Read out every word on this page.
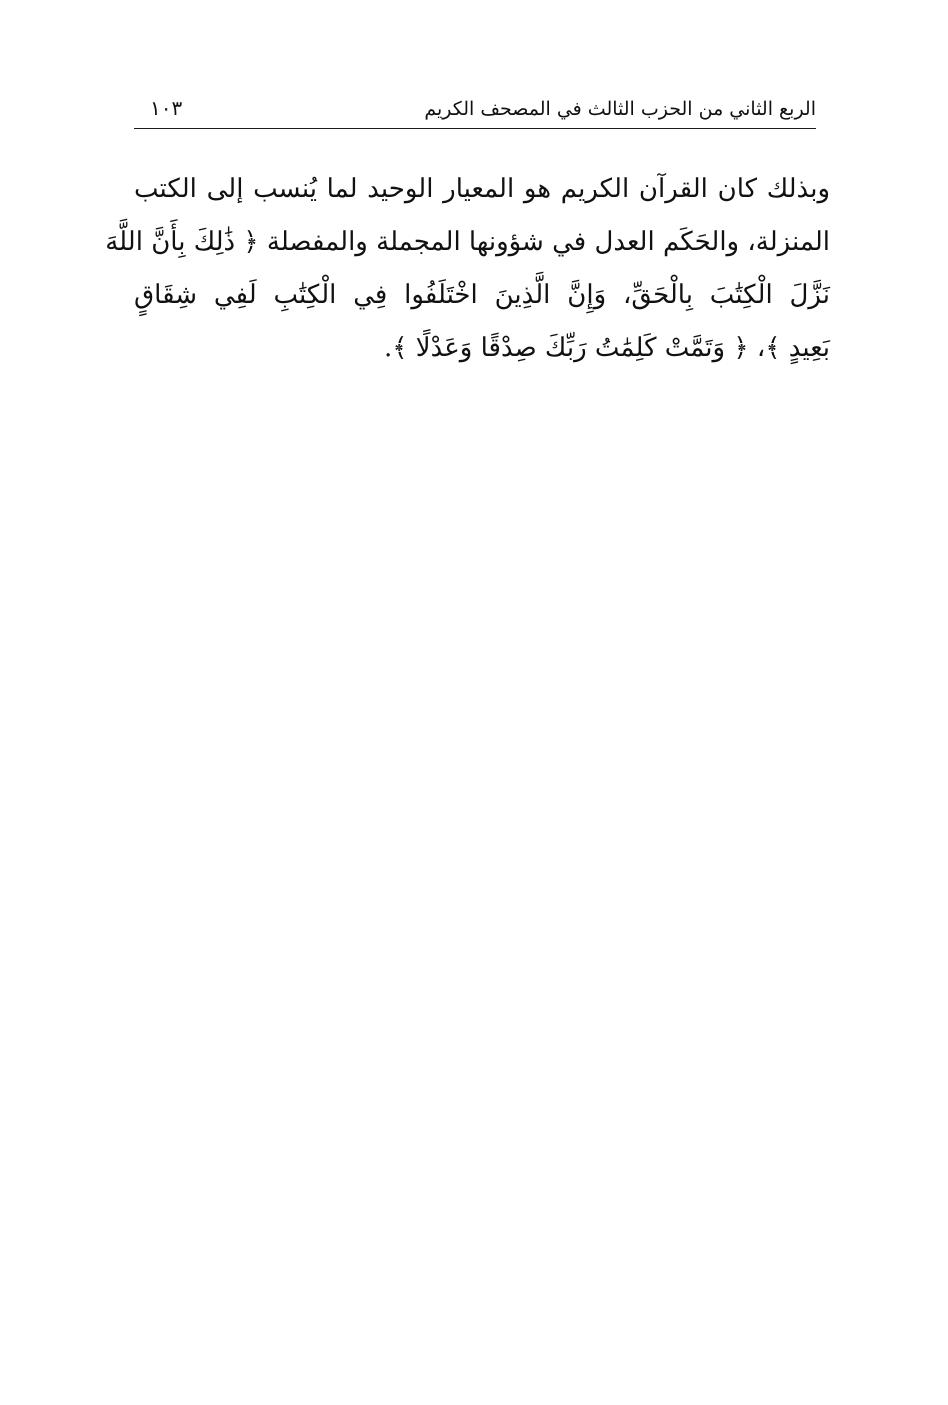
الربع الثاني من الحزب الثالث في المصحف الكريم
١٠٣

وبذلك كان القرآن الكريم هو المعيار الوحيد لما يُنسب إلى الكتب
المنزلة، والحَكَم العدل في شؤونها المجملة والمفصلة ﴿ ذَٰلِكَ بِأَنَّ اللَّهَ
نَزَّلَ الْكِتَٰبَ بِالْحَقِّ، وَإِنَّ الَّذِينَ اخْتَلَفُوا فِي الْكِتَٰبِ لَفِي شِقَاقٍ
بَعِيدٍ ﴾، ﴿ وَتَمَّتْ كَلِمَٰتُ رَبِّكَ صِدْقًا وَعَدْلًا ﴾.
